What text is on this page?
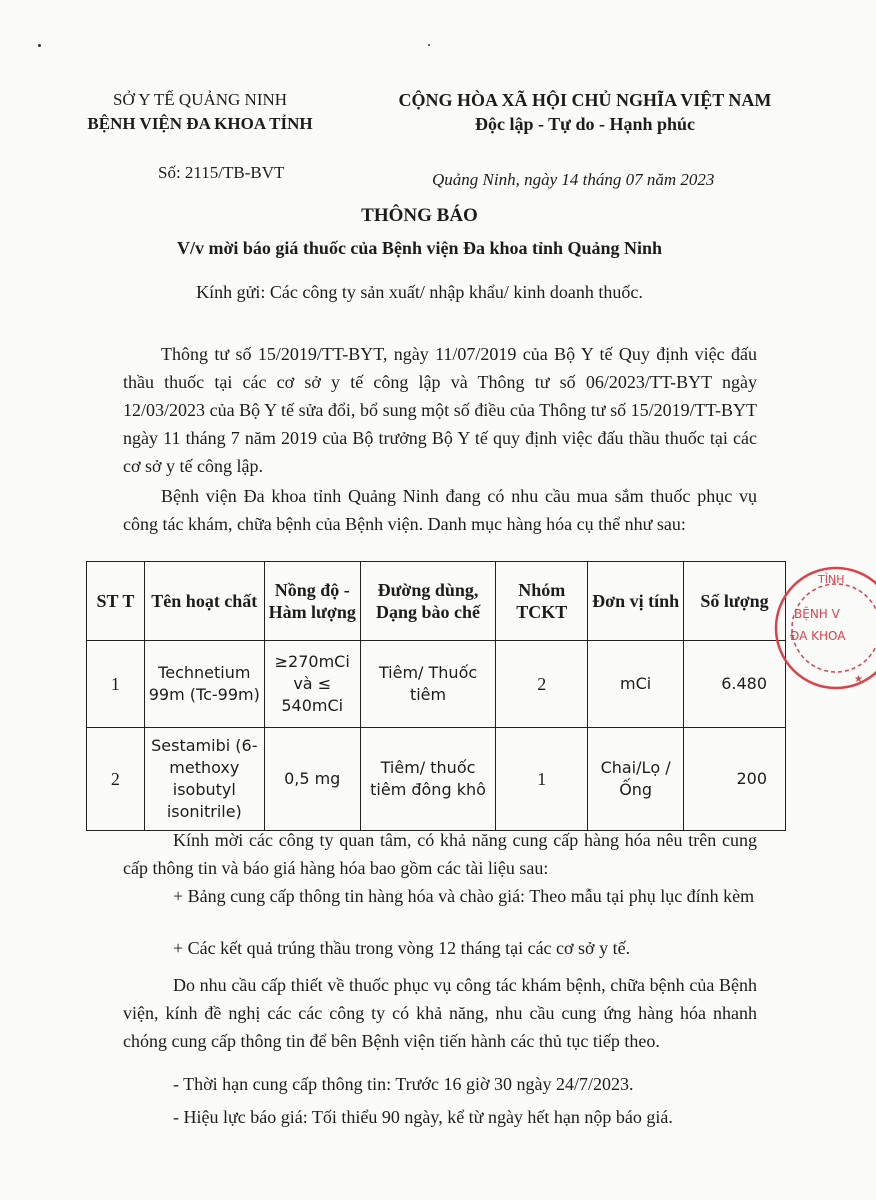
SỞ Y TẾ QUẢNG NINH
BỆNH VIỆN ĐA KHOA TỈNH
Số: 2115/TB-BVT
CỘNG HÒA XÃ HỘI CHỦ NGHĨA VIỆT NAM
Độc lập - Tự do - Hạnh phúc
Quảng Ninh, ngày 14 tháng 07 năm 2023
THÔNG BÁO
V/v mời báo giá thuốc của Bệnh viện Đa khoa tỉnh Quảng Ninh
Kính gửi: Các công ty sản xuất/ nhập khẩu/ kinh doanh thuốc.
Thông tư số 15/2019/TT-BYT, ngày 11/07/2019 của Bộ Y tế Quy định việc đấu thầu thuốc tại các cơ sở y tế công lập và Thông tư số 06/2023/TT-BYT ngày 12/03/2023 của Bộ Y tế sửa đổi, bổ sung một số điều của Thông tư số 15/2019/TT-BYT ngày 11 tháng 7 năm 2019 của Bộ trưởng Bộ Y tế quy định việc đấu thầu thuốc tại các cơ sở y tế công lập.
Bệnh viện Đa khoa tỉnh Quảng Ninh đang có nhu cầu mua sắm thuốc phục vụ công tác khám, chữa bệnh của Bệnh viện. Danh mục hàng hóa cụ thể như sau:
ST T	Tên hoạt chất	Nồng độ - Hàm lượng	Đường dùng, Dạng bào chế	Nhóm TCKT	Đơn vị tính	Số lượng
1	Technetium 99m (Tc-99m)	≥270mCi và ≤ 540mCi	Tiêm/ Thuốc tiêm	2	mCi	6.480
2	Sestamibi (6-methoxy isobutyl isonitrile)	0,5 mg	Tiêm/ thuốc tiêm đông khô	1	Chai/Lọ /Ống	200
TỈNH
BỆNH V
ĐA KHOA
★
Kính mời các công ty quan tâm, có khả năng cung cấp hàng hóa nêu trên cung cấp thông tin và báo giá hàng hóa bao gồm các tài liệu sau:
+ Bảng cung cấp thông tin hàng hóa và chào giá: Theo mẫu tại phụ lục đính kèm
+ Các kết quả trúng thầu trong vòng 12 tháng tại các cơ sở y tế.
Do nhu cầu cấp thiết về thuốc phục vụ công tác khám bệnh, chữa bệnh của Bệnh viện, kính đề nghị các các công ty có khả năng, nhu cầu cung ứng hàng hóa nhanh chóng cung cấp thông tin để bên Bệnh viện tiến hành các thủ tục tiếp theo.
- Thời hạn cung cấp thông tin: Trước 16 giờ 30 ngày 24/7/2023.
- Hiệu lực báo giá: Tối thiểu 90 ngày, kể từ ngày hết hạn nộp báo giá.
